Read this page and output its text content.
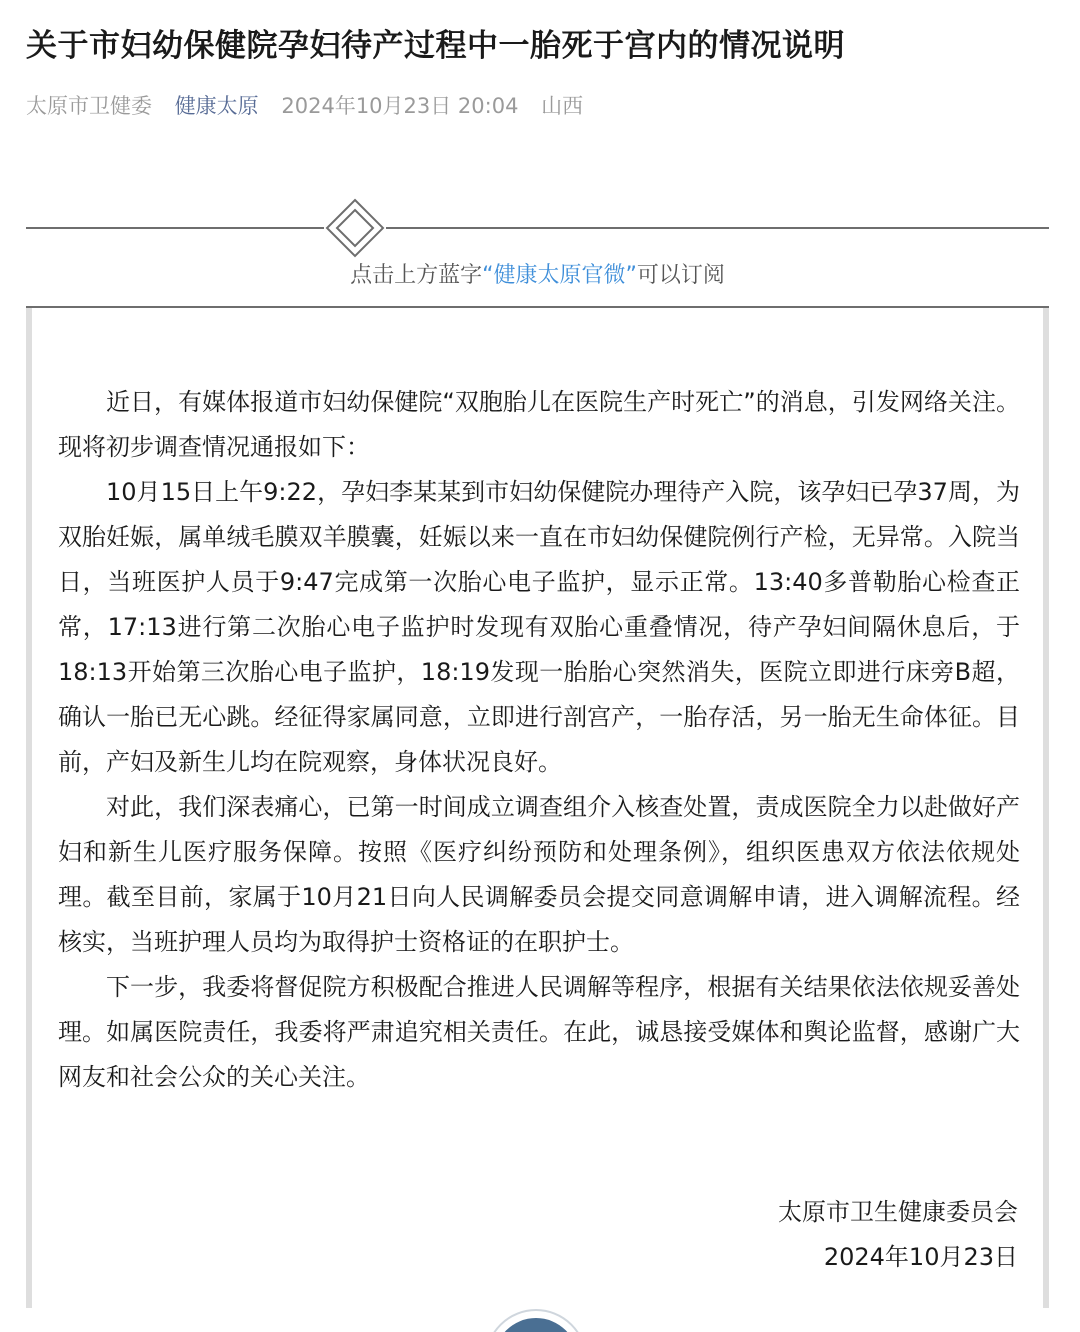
关于市妇幼保健院孕妇待产过程中一胎死于宫内的情况说明
太原市卫健委 健康太原 2024年10月23日 20:04 山西
点击上方蓝字“健康太原官微”可以订阅

近日，有媒体报道市妇幼保健院“双胞胎儿在医院生产时死亡”的消息，引发网络关注。现将初步调查情况通报如下：

10月15日上午9:22，孕妇李某某到市妇幼保健院办理待产入院，该孕妇已孕37周，为双胎妊娠，属单绒毛膜双羊膜囊，妊娠以来一直在市妇幼保健院例行产检，无异常。入院当日，当班医护人员于9:47完成第一次胎心电子监护，显示正常。13:40多普勒胎心检查正常，17:13进行第二次胎心电子监护时发现有双胎心重叠情况，待产孕妇间隔休息后，于18:13开始第三次胎心电子监护，18:19发现一胎胎心突然消失，医院立即进行床旁B超，确认一胎已无心跳。经征得家属同意，立即进行剖宫产，一胎存活，另一胎无生命体征。目前，产妇及新生儿均在院观察，身体状况良好。

对此，我们深表痛心，已第一时间成立调查组介入核查处置，责成医院全力以赴做好产妇和新生儿医疗服务保障。按照《医疗纠纷预防和处理条例》，组织医患双方依法依规处理。截至目前，家属于10月21日向人民调解委员会提交同意调解申请，进入调解流程。经核实，当班护理人员均为取得护士资格证的在职护士。

下一步，我委将督促院方积极配合推进人民调解等程序，根据有关结果依法依规妥善处理。如属医院责任，我委将严肃追究相关责任。在此，诚恳接受媒体和舆论监督，感谢广大网友和社会公众的关心关注。

太原市卫生健康委员会
2024年10月23日
